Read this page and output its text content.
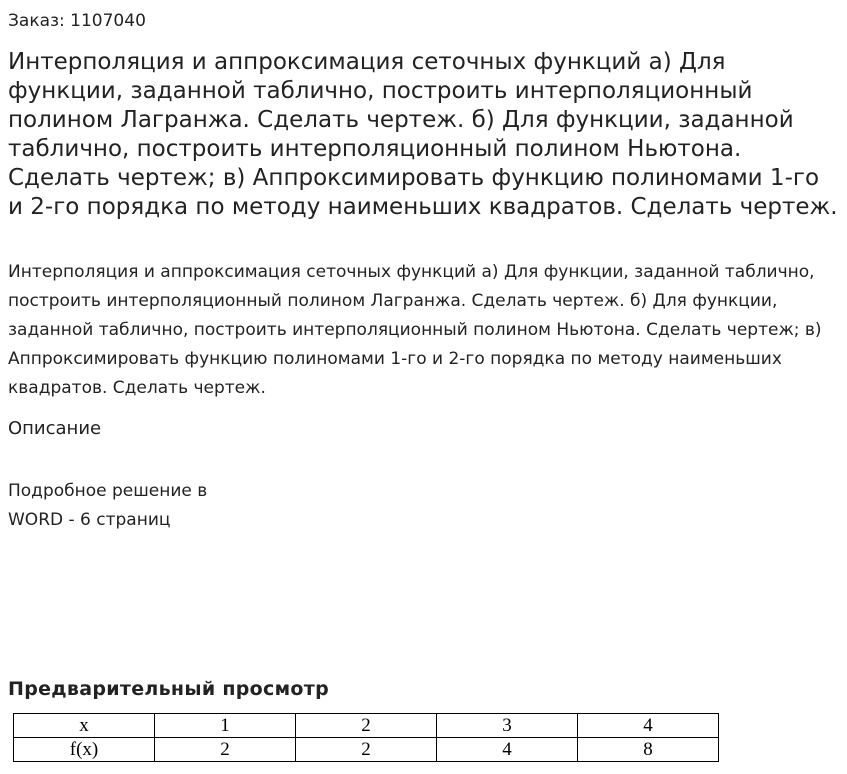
Заказ: 1107040
Интерполяция и аппроксимация сеточных функций а) Для функции, заданной таблично, построить интерполяционный полином Лагранжа. Сделать чертеж. б) Для функции, заданной таблично, построить интерполяционный полином Ньютона. Сделать чертеж; в) Аппроксимировать функцию полиномами 1-го и 2-го порядка по методу наименьших квадратов. Сделать чертеж.

Интерполяция и аппроксимация сеточных функций а) Для функции, заданной таблично, построить интерполяционный полином Лагранжа. Сделать чертеж. б) Для функции, заданной таблично, построить интерполяционный полином Ньютона. Сделать чертеж; в) Аппроксимировать функцию полиномами 1-го и 2-го порядка по методу наименьших квадратов. Сделать чертеж.

Описание

Подробное решение в WORD - 6 страниц

Предварительный просмотр
x	1	2	3	4
f(x)	2	2	4	8
